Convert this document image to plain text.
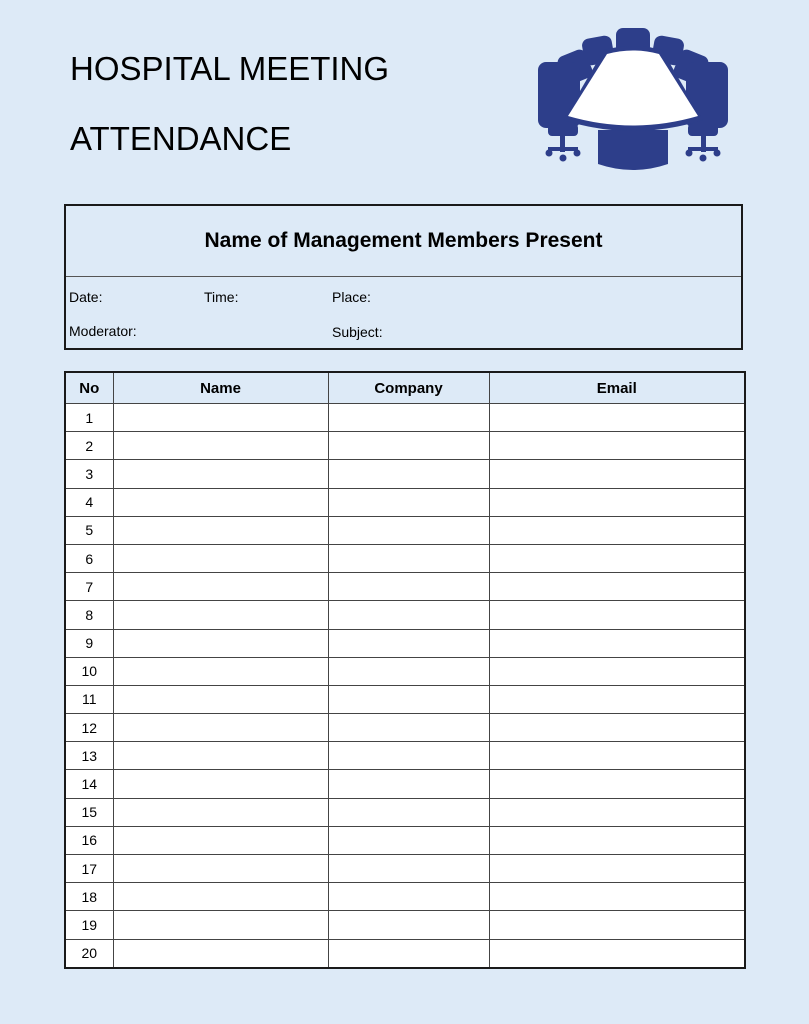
HOSPITAL MEETING
ATTENDANCE
Name of Management Members Present
Date:	Time:	Place:
Moderator:	Subject:
No	Name	Company	Email
1			
2			
3			
4			
5			
6			
7			
8			
9			
10			
11			
12			
13			
14			
15			
16			
17			
18			
19			
20			
